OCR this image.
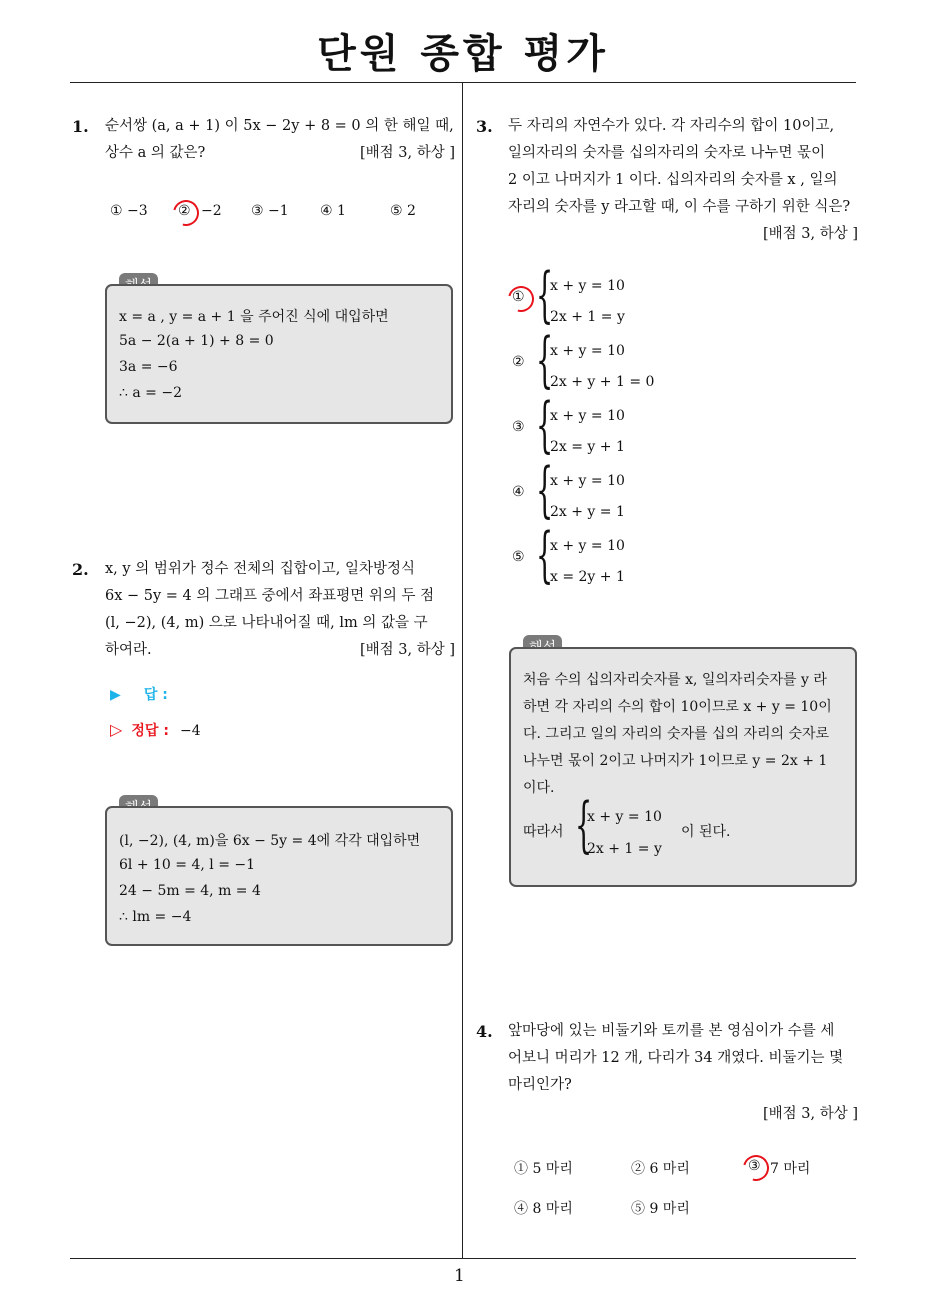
단원 종합 평가
1
1. 순서쌍 (a, a + 1) 이 5x − 2y + 8 = 0 의 한 해일 때,
상수 a 의 값은?	[배점 3, 하상 ]
① −3 ② −2 ③ −1 ④ 1	⑤ 2
x = a , y = a + 1 을 주어진 식에 대입하면
5a − 2(a + 1) + 8 = 0
3a = −6
∴ a = −2
2. x, y 의 범위가 정수 전체의 집합이고, 일차방정식
6x − 5y = 4 의 그래프 중에서 좌표평면 위의 두 점
(l, −2), (4, m) 으로 나타내어질 때, lm 의 값을 구
하여라.	[배점 3, 하상 ]
▶ 답 :
▷ 정답 : −4
(l, −2), (4, m)을 6x − 5y = 4에 각각 대입하면
6l + 10 = 4, l = −1
24 − 5m = 4, m = 4
∴ lm = −4
3. 두 자리의 자연수가 있다. 각 자리수의 합이 10이고,
일의자리의 숫자를 십의자리의 숫자로 나누면 몫이
2 이고 나머지가 1 이다. 십의자리의 숫자를 x , 일의
자리의 숫자를 y 라고할 때, 이 수를 구하기 위한 식은?
[배점 3, 하상 ]
① {
x + y = 10
2x + 1 = y
② {
x + y = 10
2x + y + 1 = 0
③ {
x + y = 10
2x = y + 1
④ {
x + y = 10
2x + y = 1
⑤ {
x + y = 10
x = 2y + 1
처음 수의 십의자리숫자를 x, 일의자리숫자를 y 라
하면 각 자리의 수의 합이 10이므로 x + y = 10이
다. 그리고 일의 자리의 숫자를 십의 자리의 숫자로
나누면 몫이 2이고 나머지가 1이므로 y = 2x + 1
이다.
따라서 {
x + y = 10
2x + 1 = y
이 된다.
4. 앞마당에 있는 비둘기와 토끼를 본 영심이가 수를 세
어보니 머리가 12 개, 다리가 34 개였다. 비둘기는 몇
마리인가?
[배점 3, 하상 ]
① 5 마리	② 6 마리	③ 7 마리
④ 8 마리	⑤ 9 마리
